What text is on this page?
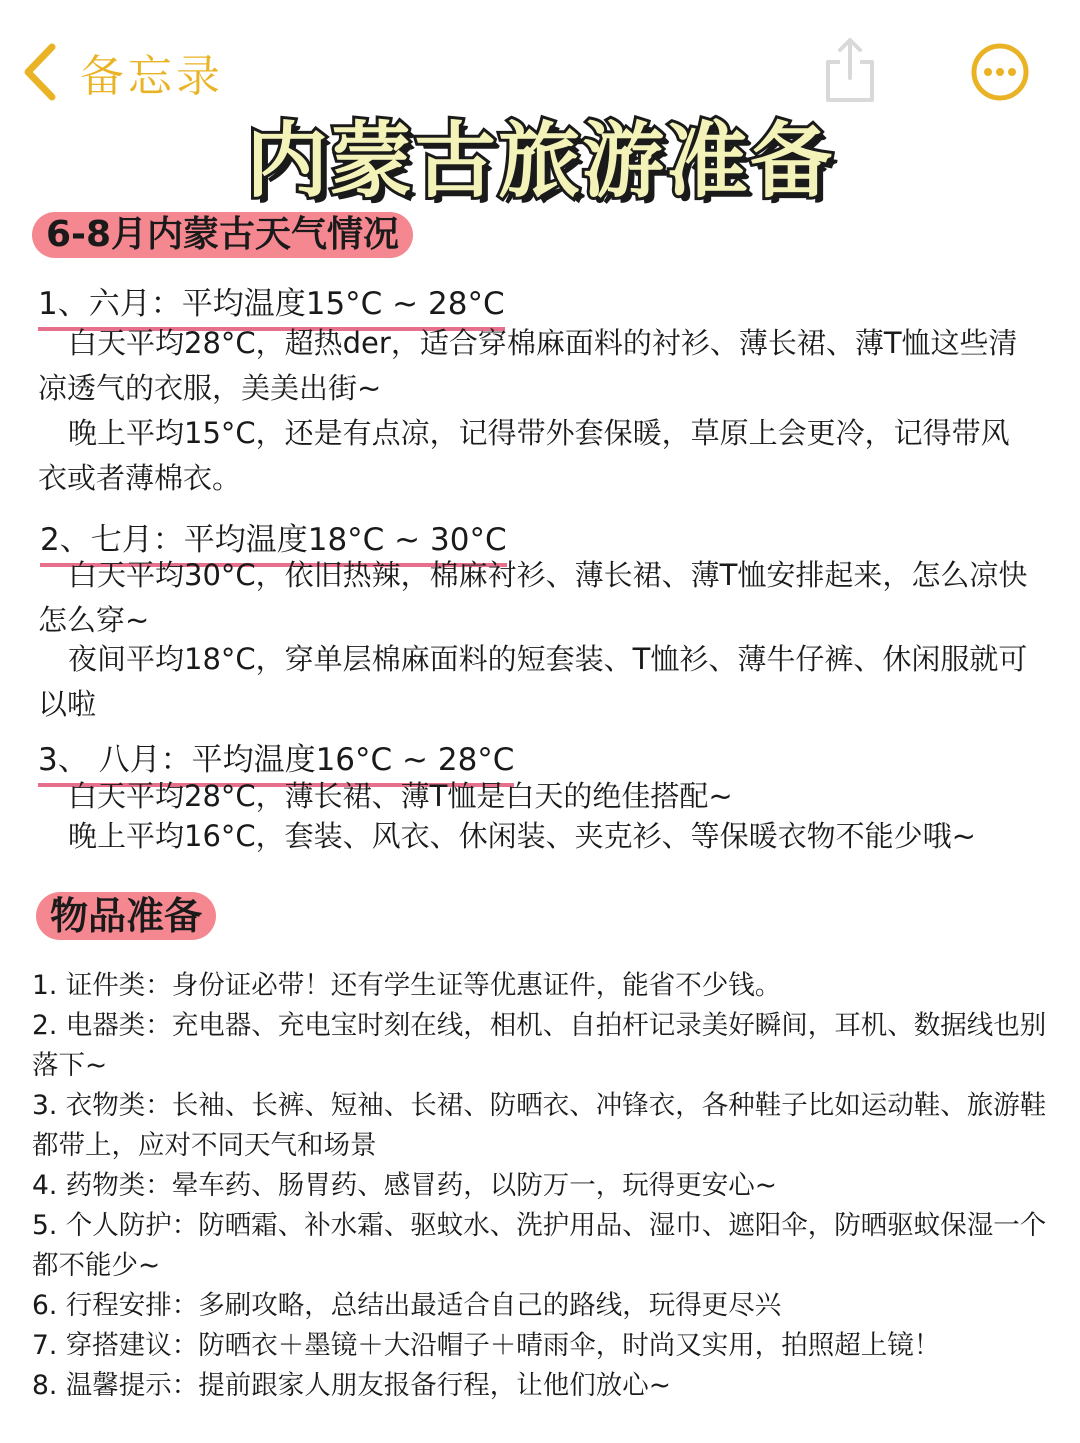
备忘录
内蒙古旅游准备
6-8月内蒙古天气情况
1、六月：平均温度15°C ~ 28°C
白天平均28°C，超热der，适合穿棉麻面料的衬衫、薄长裙、薄T恤这些清凉透气的衣服，美美出街~
晚上平均15°C，还是有点凉，记得带外套保暖，草原上会更冷，记得带风衣或者薄棉衣。
2、七月：平均温度18°C ~ 30°C
白天平均30°C，依旧热辣，棉麻衬衫、薄长裙、薄T恤安排起来，怎么凉快怎么穿~
夜间平均18°C，穿单层棉麻面料的短套装、T恤衫、薄牛仔裤、休闲服就可以啦
3、 八月：平均温度16°C ~ 28°C
白天平均28°C，薄长裙、薄T恤是白天的绝佳搭配~
晚上平均16°C，套装、风衣、休闲装、夹克衫、等保暖衣物不能少哦~
物品准备
1. 证件类：身份证必带！还有学生证等优惠证件，能省不少钱。
2. 电器类：充电器、充电宝时刻在线，相机、自拍杆记录美好瞬间，耳机、数据线也别落下~
3. 衣物类：长袖、长裤、短袖、长裙、防晒衣、冲锋衣，各种鞋子比如运动鞋、旅游鞋都带上，应对不同天气和场景
4. 药物类：晕车药、肠胃药、感冒药，以防万一，玩得更安心~
5. 个人防护：防晒霜、补水霜、驱蚊水、洗护用品、湿巾、遮阳伞，防晒驱蚊保湿一个都不能少~
6. 行程安排：多刷攻略，总结出最适合自己的路线，玩得更尽兴
7. 穿搭建议：防晒衣＋墨镜＋大沿帽子＋晴雨伞，时尚又实用，拍照超上镜！
8. 温馨提示：提前跟家人朋友报备行程，让他们放心~
